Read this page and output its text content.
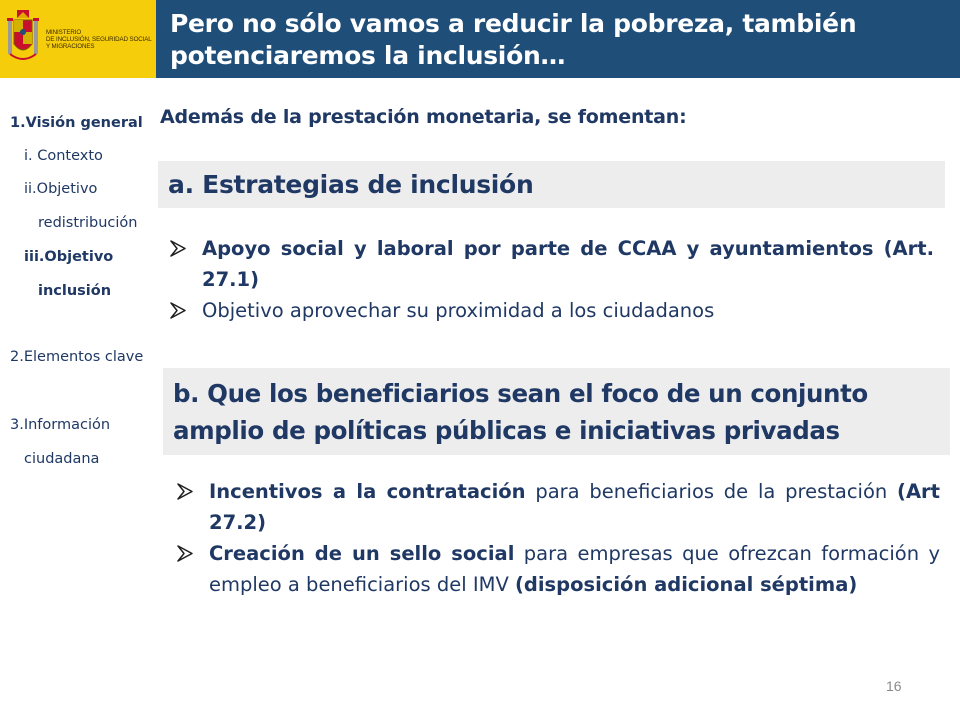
MINISTERIO
DE INCLUSIÓN, SEGURIDAD SOCIAL
Y MIGRACIONES
Pero no sólo vamos a reducir la pobreza, también potenciaremos la inclusión…
1.Visión general
i. Contexto
ii.Objetivo
redistribución
iii.Objetivo
inclusión
2.Elementos clave
3.Información
ciudadana
Además de la prestación monetaria, se fomentan:
a. Estrategias de inclusión
Apoyo social y laboral por parte de CCAA y ayuntamientos (Art. 27.1)
Objetivo aprovechar su proximidad a los ciudadanos
b. Que los beneficiarios sean el foco de un conjunto amplio de políticas públicas e iniciativas privadas
Incentivos a la contratación para beneficiarios de la prestación (Art 27.2)
Creación de un sello social para empresas que ofrezcan formación y empleo a beneficiarios del IMV (disposición adicional séptima)
16
